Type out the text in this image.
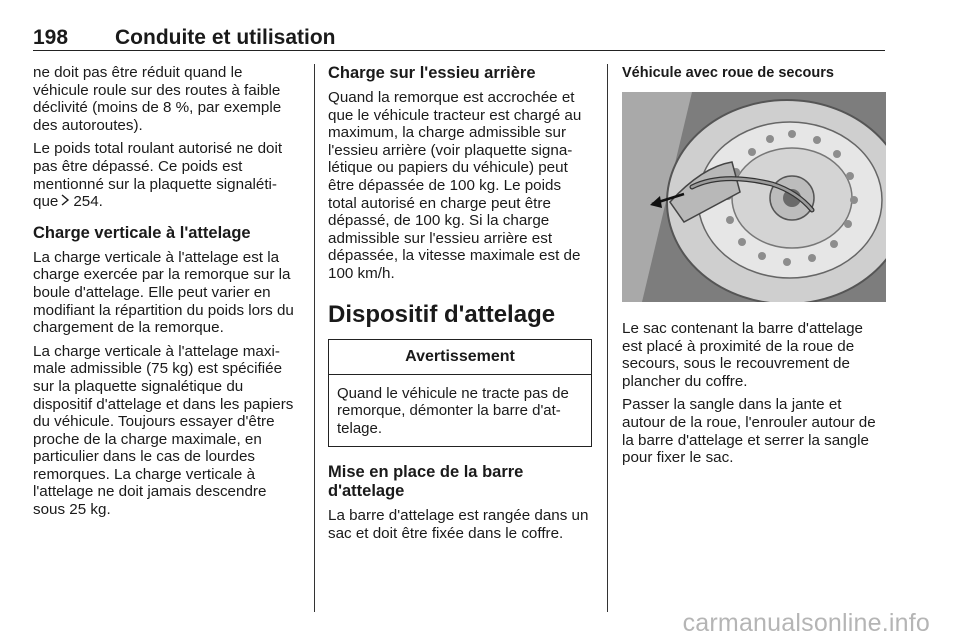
198 Conduite et utilisation

ne doit pas être réduit quand le véhicule roule sur des routes à faible déclivité (moins de 8 %, par exemple des autoroutes).

Le poids total roulant autorisé ne doit pas être dépassé. Ce poids est mentionné sur la plaquette signaléti-que 254.

Charge verticale à l'attelage

La charge verticale à l'attelage est la charge exercée par la remorque sur la boule d'attelage. Elle peut varier en modifiant la répartition du poids lors du chargement de la remorque.

La charge verticale à l'attelage maxi-male admissible (75 kg) est spécifiée sur la plaquette signalétique du dispositif d'attelage et dans les papiers du véhicule. Toujours essayer d'être proche de la charge maximale, en particulier dans le cas de lourdes remorques. La charge verticale à l'attelage ne doit jamais descendre sous 25 kg.

Charge sur l'essieu arrière

Quand la remorque est accrochée et que le véhicule tracteur est chargé au maximum, la charge admissible sur l'essieu arrière (voir plaquette signa-létique ou papiers du véhicule) peut être dépassée de 100 kg. Le poids total autorisé en charge peut être dépassé, de 100 kg. Si la charge admissible sur l'essieu arrière est dépassée, la vitesse maximale est de 100 km/h.

Dispositif d'attelage
Avertissement
Quand le véhicule ne tracte pas de remorque, démonter la barre d'at-telage.
Mise en place de la barre d'attelage

La barre d'attelage est rangée dans un sac et doit être fixée dans le coffre.

Véhicule avec roue de secours

Le sac contenant la barre d'attelage est placé à proximité de la roue de secours, sous le recouvrement de plancher du coffre.

Passer la sangle dans la jante et autour de la roue, l'enrouler autour de la barre d'attelage et serrer la sangle pour fixer le sac.

carmanualsonline.info
